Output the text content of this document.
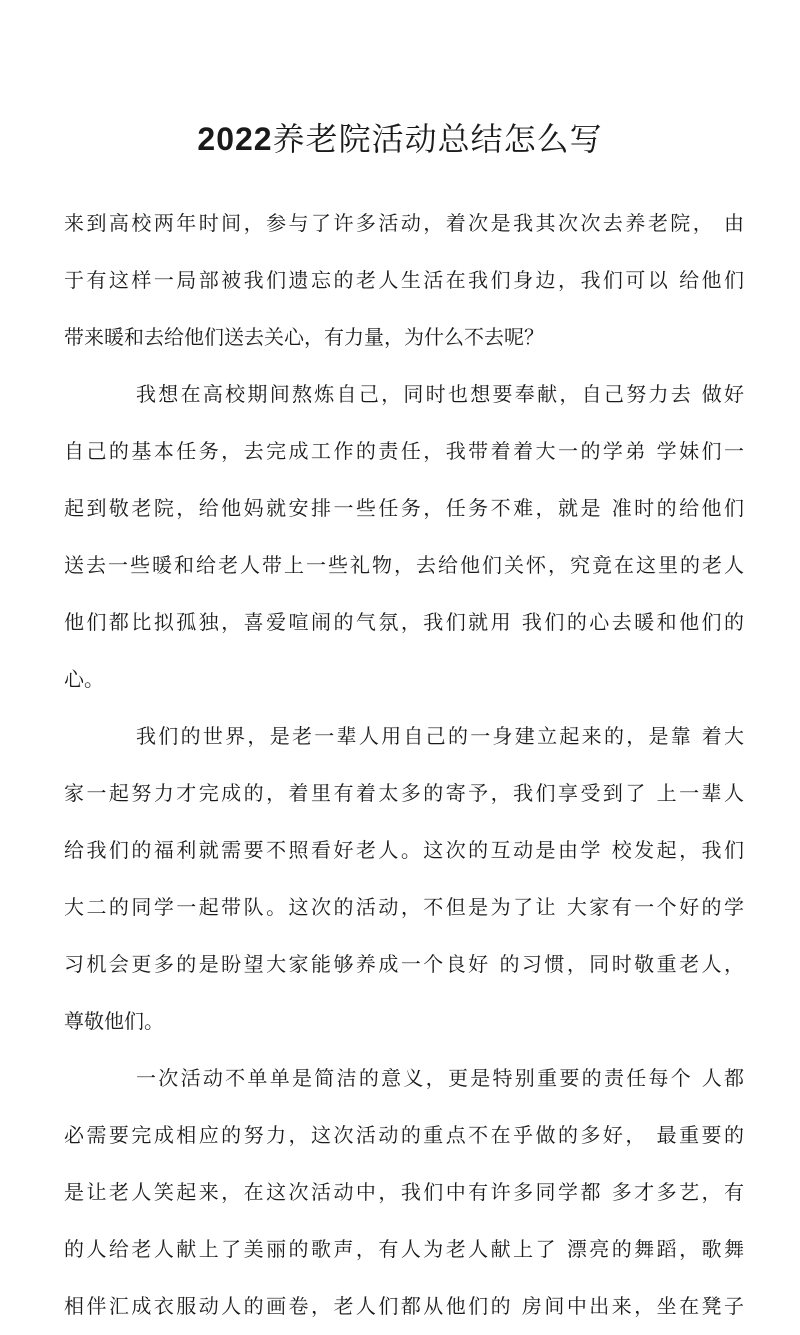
2022养老院活动总结怎么写
来到高校两年时间，参与了许多活动，着次是我其次次去养老院， 由
于有这样一局部被我们遗忘的老人生活在我们身边，我们可以 给他们
带来暖和去给他们送去关心，有力量，为什么不去呢？
我想在高校期间熬炼自己，同时也想要奉献，自己努力去 做好
自己的基本任务，去完成工作的责任，我带着着大一的学弟 学妹们一
起到敬老院，给他妈就安排一些任务，任务不难，就是 准时的给他们
送去一些暖和给老人带上一些礼物，去给他们关怀，究竟在这里的老人
他们都比拟孤独，喜爱喧闹的气氛，我们就用 我们的心去暖和他们的
心。
我们的世界，是老一辈人用自己的一身建立起来的，是靠 着大
家一起努力才完成的，着里有着太多的寄予，我们享受到了 上一辈人
给我们的福利就需要不照看好老人。这次的互动是由学 校发起，我们
大二的同学一起带队。这次的活动，不但是为了让 大家有一个好的学
习机会更多的是盼望大家能够养成一个良好 的习惯，同时敬重老人，
尊敬他们。
一次活动不单单是简洁的意义，更是特别重要的责任每个 人都
必需要完成相应的努力，这次活动的重点不在乎做的多好， 最重要的
是让老人笑起来，在这次活动中，我们中有许多同学都 多才多艺，有
的人给老人献上了美丽的歌声，有人为老人献上了 漂亮的舞蹈，歌舞
相伴汇成衣服动人的画卷，老人们都从他们的 房间中出来，坐在凳子
